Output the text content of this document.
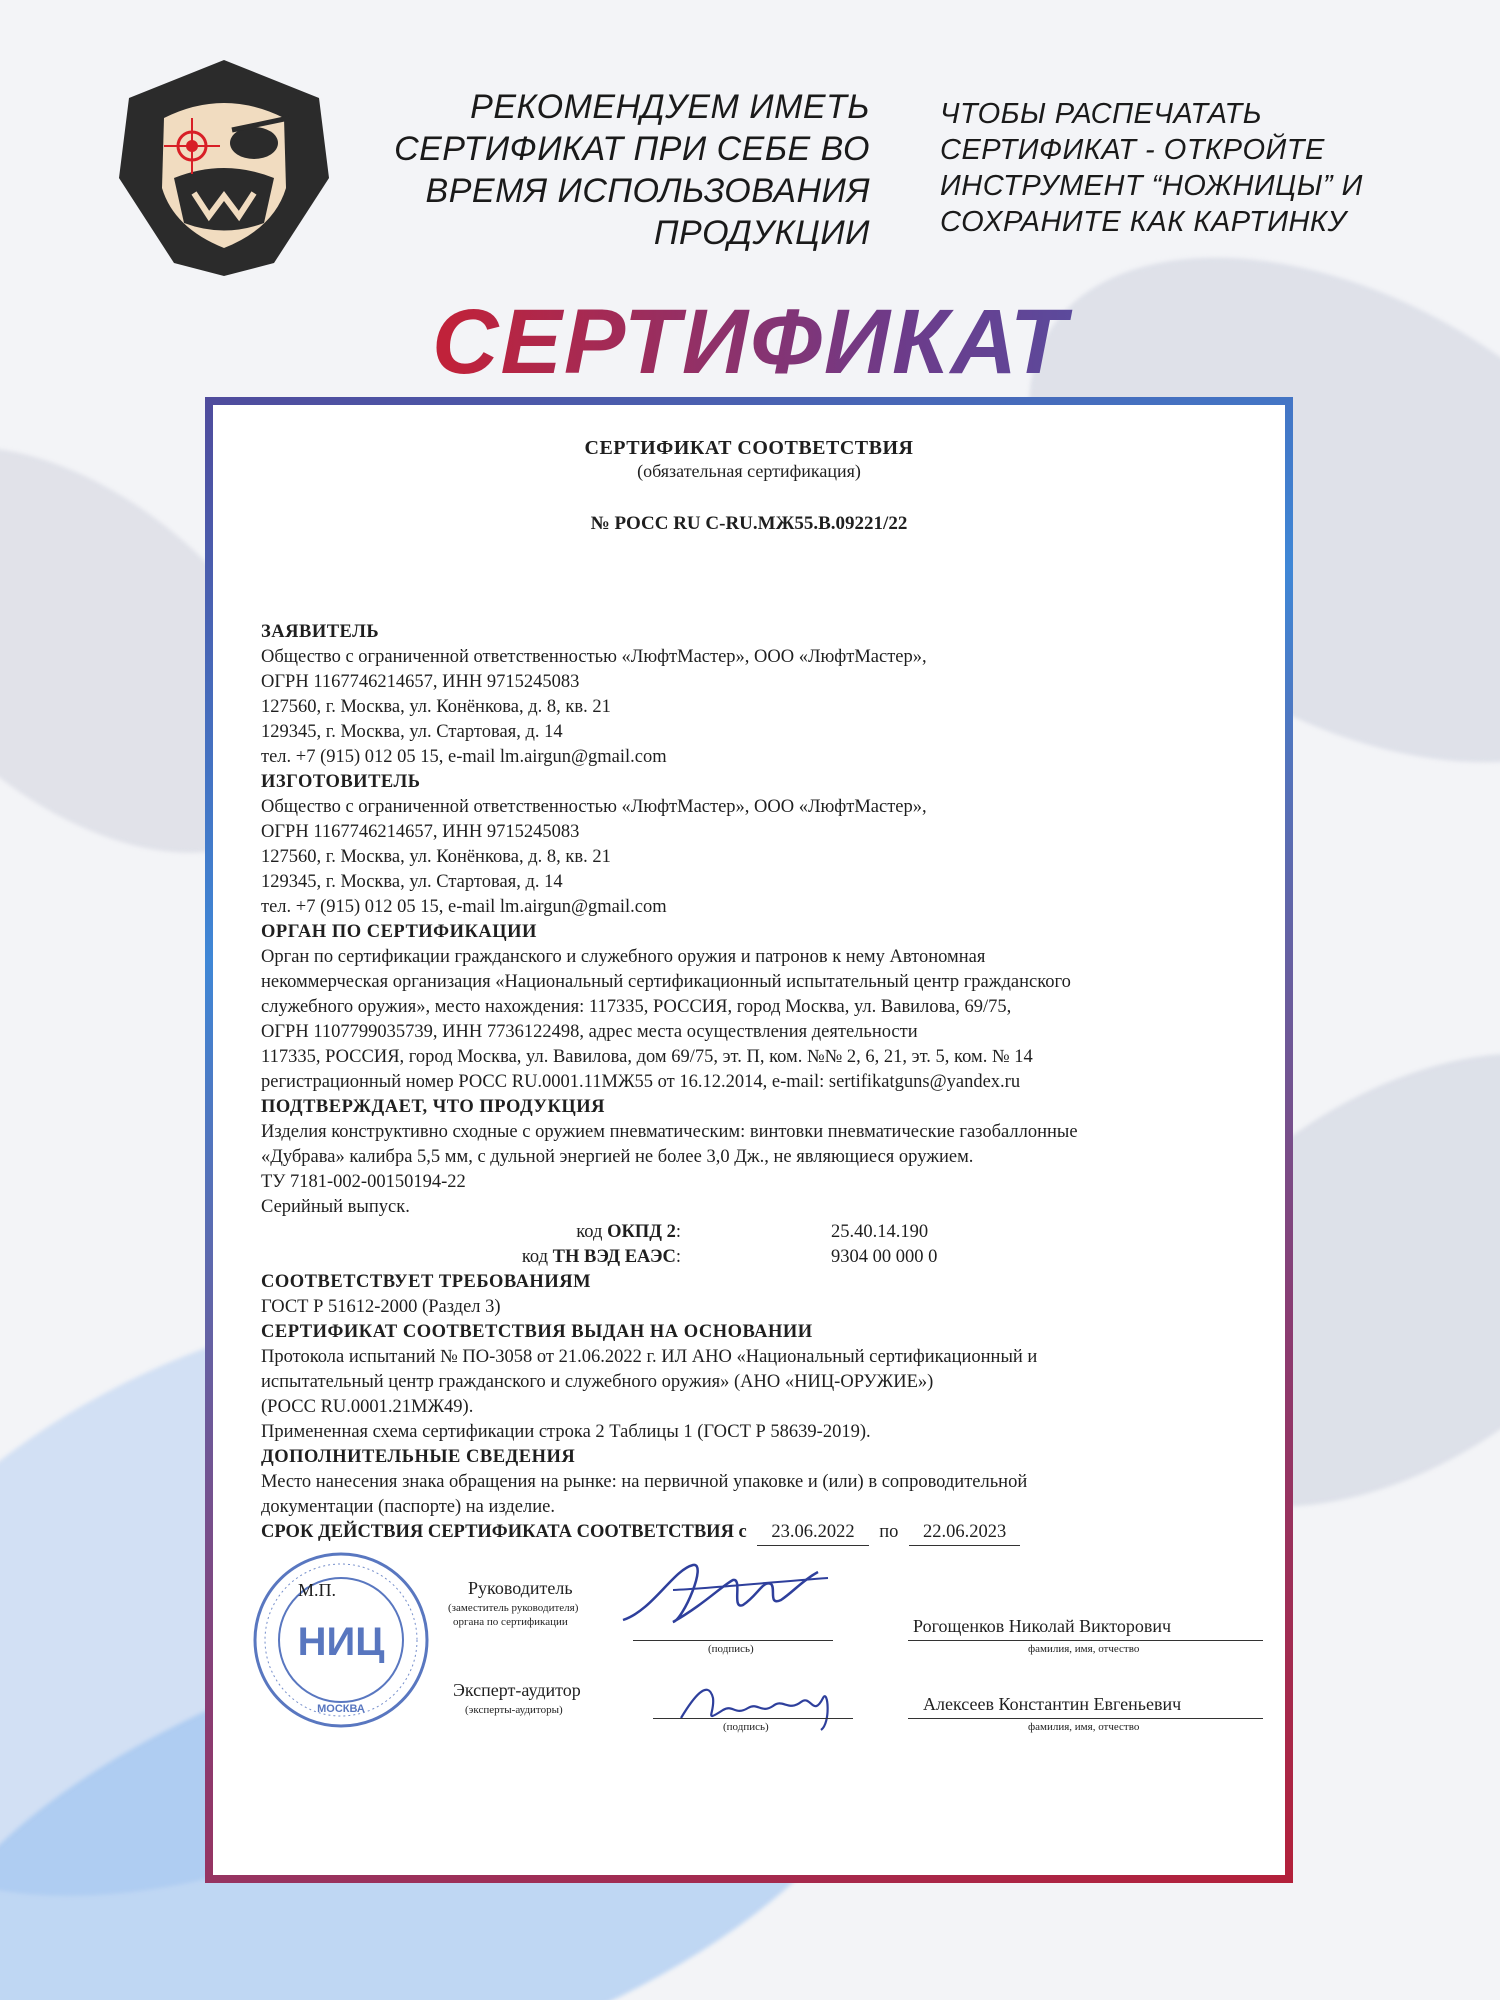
РЕКОМЕНДУЕМ ИМЕТЬ
СЕРТИФИКАТ ПРИ СЕБЕ ВО
ВРЕМЯ ИСПОЛЬЗОВАНИЯ
ПРОДУКЦИИ
ЧТОБЫ РАСПЕЧАТАТЬ
СЕРТИФИКАТ - ОТКРОЙТЕ
ИНСТРУМЕНТ “НОЖНИЦЫ” И
СОХРАНИТЕ КАК КАРТИНКУ
СЕРТИФИКАТ
СЕРТИФИКАТ СООТВЕТСТВИЯ
(обязательная сертификация)
№ РОСС RU C-RU.МЖ55.В.09221/22
ЗАЯВИТЕЛЬ
Общество с ограниченной ответственностью «ЛюфтМастер», ООО «ЛюфтМастер»,
ОГРН 1167746214657, ИНН 9715245083
127560, г. Москва, ул. Конёнкова, д. 8, кв. 21
129345, г. Москва, ул. Стартовая, д. 14
тел. +7 (915) 012 05 15, e-mail lm.airgun@gmail.com
ИЗГОТОВИТЕЛЬ
Общество с ограниченной ответственностью «ЛюфтМастер», ООО «ЛюфтМастер»,
ОГРН 1167746214657, ИНН 9715245083
127560, г. Москва, ул. Конёнкова, д. 8, кв. 21
129345, г. Москва, ул. Стартовая, д. 14
тел. +7 (915) 012 05 15, e-mail lm.airgun@gmail.com
ОРГАН ПО СЕРТИФИКАЦИИ
Орган по сертификации гражданского и служебного оружия и патронов к нему Автономная
некоммерческая организация «Национальный сертификационный испытательный центр гражданского
служебного оружия», место нахождения: 117335, РОССИЯ, город Москва, ул. Вавилова, 69/75,
ОГРН 1107799035739, ИНН 7736122498, адрес места осуществления деятельности
117335, РОССИЯ, город Москва, ул. Вавилова, дом 69/75, эт. П, ком. №№ 2, 6, 21, эт. 5, ком. № 14
регистрационный номер РОСС RU.0001.11МЖ55 от 16.12.2014, e-mail: sertifikatguns@yandex.ru
ПОДТВЕРЖДАЕТ, ЧТО ПРОДУКЦИЯ
Изделия конструктивно сходные с оружием пневматическим: винтовки пневматические газобаллонные
«Дубрава» калибра 5,5 мм, с дульной энергией не более 3,0 Дж., не являющиеся оружием.
ТУ 7181-002-00150194-22
Серийный выпуск.
код ОКПД 2:	25.40.14.190
код ТН ВЭД ЕАЭС:	9304 00 000 0
СООТВЕТСТВУЕТ ТРЕБОВАНИЯМ
ГОСТ Р 51612-2000 (Раздел 3)
СЕРТИФИКАТ СООТВЕТСТВИЯ ВЫДАН НА ОСНОВАНИИ
Протокола испытаний № ПО-3058 от 21.06.2022 г. ИЛ АНО «Национальный сертификационный и
испытательный центр гражданского и служебного оружия» (АНО «НИЦ-ОРУЖИЕ»)
(РОСС RU.0001.21МЖ49).
Примененная схема сертификации строка 2 Таблицы 1 (ГОСТ Р 58639-2019).
ДОПОЛНИТЕЛЬНЫЕ СВЕДЕНИЯ
Место нанесения знака обращения на рынке: на первичной упаковке и (или) в сопроводительной
документации (паспорте) на изделие.
СРОК ДЕЙСТВИЯ СЕРТИФИКАТА СООТВЕТСТВИЯ с 23.06.2022 по 22.06.2023
НИЦ
МОСКВА
М.П.	Руководитель
(заместитель руководителя)
органа по сертификации
(подпись)
Рогощенков Николай Викторович
фамилия, имя, отчество
Эксперт-аудитор
(эксперты-аудиторы)
(подпись)
Алексеев Константин Евгеньевич
фамилия, имя, отчество
